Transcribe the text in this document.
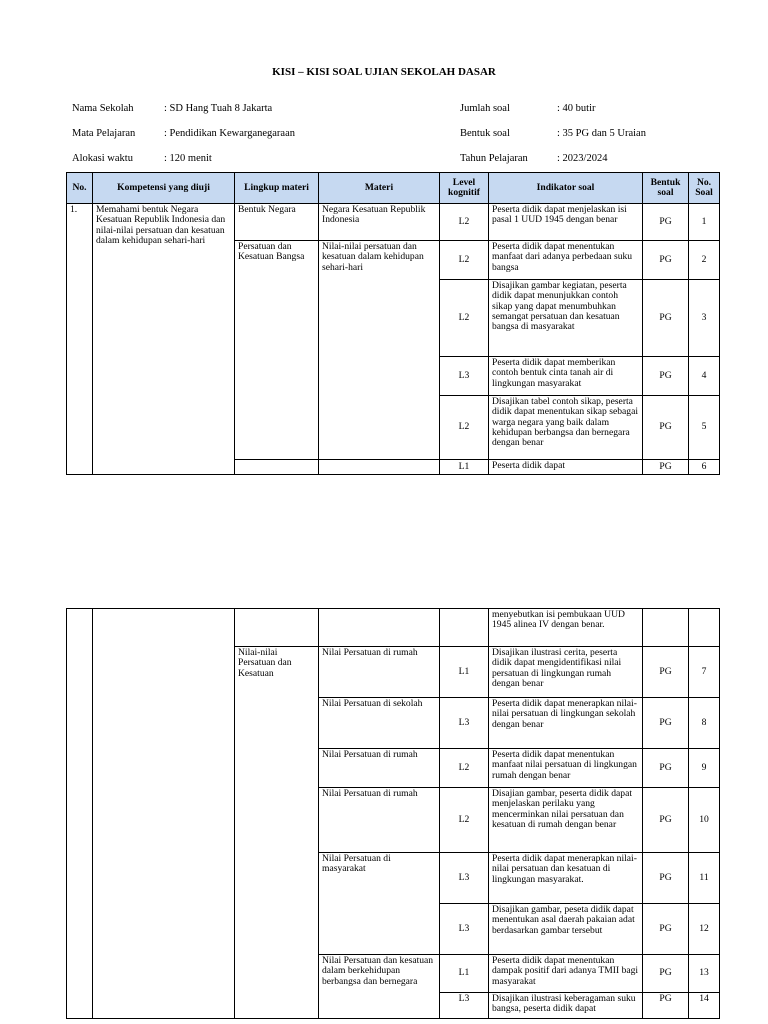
KISI – KISI SOAL UJIAN SEKOLAH DASAR
Nama Sekolah	: SD Hang Tuah 8 Jakarta
Mata Pelajaran	: Pendidikan Kewarganegaraan
Alokasi waktu	: 120 menit
Jumlah soal	: 40 butir
Bentuk soal	: 35 PG dan 5 Uraian
Tahun Pelajaran	: 2023/2024
No.	Kompetensi yang diuji	Lingkup materi	Materi	Level kognitif	Indikator soal	Bentuk soal	No. Soal
1.	Memahami bentuk Negara Kesatuan Republik Indonesia dan nilai-nilai persatuan dan kesatuan dalam kehidupan sehari-hari	Bentuk Negara	Negara Kesatuan Republik Indonesia	L2	Peserta didik dapat menjelaskan isi pasal 1 UUD 1945 dengan benar	PG	1
		Persatuan dan Kesatuan Bangsa	Nilai-nilai persatuan dan kesatuan dalam kehidupan sehari-hari	L2	Peserta didik dapat menentukan manfaat dari adanya perbedaan suku bangsa	PG	2
				L2	Disajikan gambar kegiatan, peserta didik dapat menunjukkan contoh sikap yang dapat menumbuhkan semangat persatuan dan kesatuan bangsa di masyarakat	PG	3
				L3	Peserta didik dapat memberikan contoh bentuk cinta tanah air di lingkungan masyarakat	PG	4
				L2	Disajikan tabel contoh sikap, peserta didik dapat menentukan sikap sebagai warga negara yang baik dalam kehidupan berbangsa dan bernegara dengan benar	PG	5
				L1	Peserta didik dapat	PG	6
					menyebutkan isi pembukaan UUD 1945 alinea IV dengan benar.		
		Nilai-nilai Persatuan dan Kesatuan	Nilai Persatuan di rumah	L1	Disajikan ilustrasi cerita, peserta didik dapat mengidentifikasi nilai persatuan di lingkungan rumah dengan benar	PG	7
			Nilai Persatuan di sekolah	L3	Peserta didik dapat menerapkan nilai-nilai persatuan di lingkungan sekolah dengan benar	PG	8
			Nilai Persatuan di rumah	L2	Peserta didik dapat menentukan manfaat nilai persatuan di lingkungan rumah dengan benar	PG	9
			Nilai Persatuan di rumah	L2	Disajian gambar, peserta didik dapat menjelaskan perilaku yang mencerminkan nilai persatuan dan kesatuan di rumah dengan benar	PG	10
			Nilai Persatuan di masyarakat	L3	Peserta didik dapat menerapkan nilai-nilai persatuan dan kesatuan di lingkungan masyarakat.	PG	11
				L3	Disajikan gambar, peseta didik dapat menentukan asal daerah pakaian adat berdasarkan gambar tersebut	PG	12
			Nilai Persatuan dan kesatuan dalam berkehidupan berbangsa dan bernegara	L1	Peserta didik dapat menentukan dampak positif dari adanya TMII bagi masyarakat	PG	13
				L3	Disajikan ilustrasi keberagaman suku bangsa, peserta didik dapat	PG	14
